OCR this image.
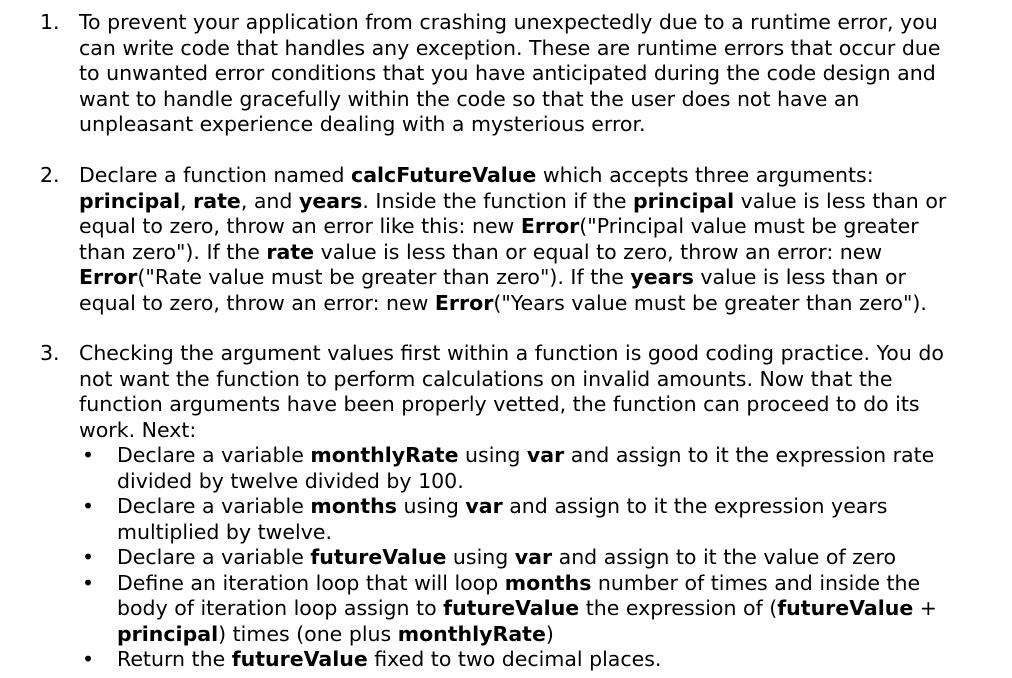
1. To prevent your application from crashing unexpectedly due to a runtime error, you
can write code that handles any exception. These are runtime errors that occur due
to unwanted error conditions that you have anticipated during the code design and
want to handle gracefully within the code so that the user does not have an
unpleasant experience dealing with a mysterious error.
2. Declare a function named calcFutureValue which accepts three arguments:
principal, rate, and years. Inside the function if the principal value is less than or
equal to zero, throw an error like this: new Error("Principal value must be greater
than zero"). If the rate value is less than or equal to zero, throw an error: new
Error("Rate value must be greater than zero"). If the years value is less than or
equal to zero, throw an error: new Error("Years value must be greater than zero").
3. Checking the argument values first within a function is good coding practice. You do
not want the function to perform calculations on invalid amounts. Now that the
function arguments have been properly vetted, the function can proceed to do its
work. Next:
• Declare a variable monthlyRate using var and assign to it the expression rate
divided by twelve divided by 100.
• Declare a variable months using var and assign to it the expression years
multiplied by twelve.
• Declare a variable futureValue using var and assign to it the value of zero
• Define an iteration loop that will loop months number of times and inside the
body of iteration loop assign to futureValue the expression of (futureValue +
principal) times (one plus monthlyRate)
• Return the futureValue fixed to two decimal places.
